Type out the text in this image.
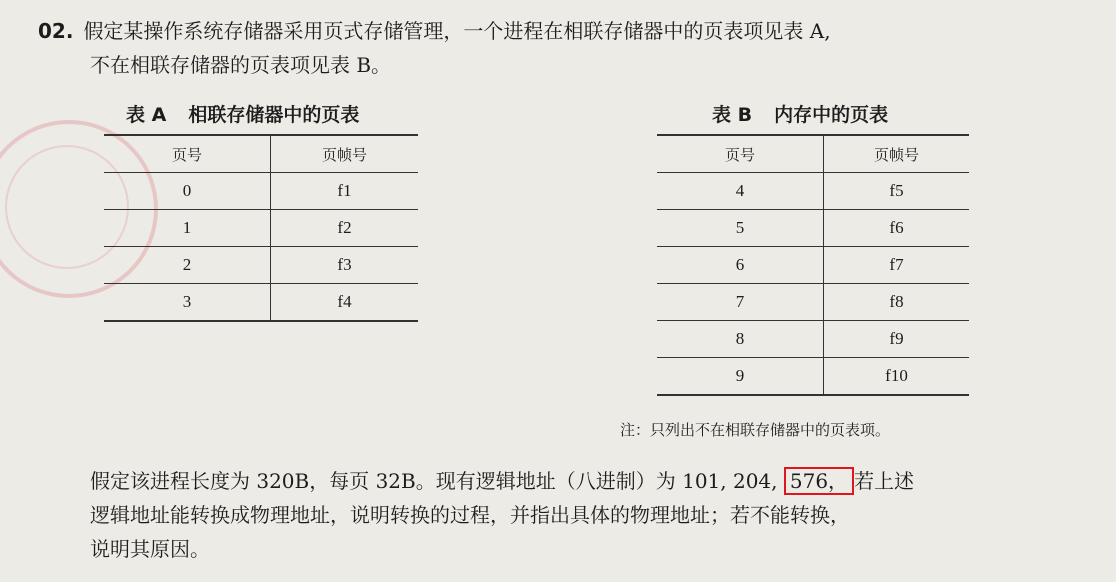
02. 假定某操作系统存储器采用页式存储管理，一个进程在相联存储器中的页表项见表 A,
不在相联存储器的页表项见表 B。
表 A 相联存储器中的页表
页号	页帧号
0	f1
1	f2
2	f3
3	f4
表 B 内存中的页表
页号	页帧号
4	f5
5	f6
6	f7
7	f8
8	f9
9	f10
注：只列出不在相联存储器中的页表项。
假定该进程长度为 320B，每页 32B。现有逻辑地址（八进制）为 101, 204, 576， 若上述
逻辑地址能转换成物理地址，说明转换的过程，并指出具体的物理地址；若不能转换，
说明其原因。
